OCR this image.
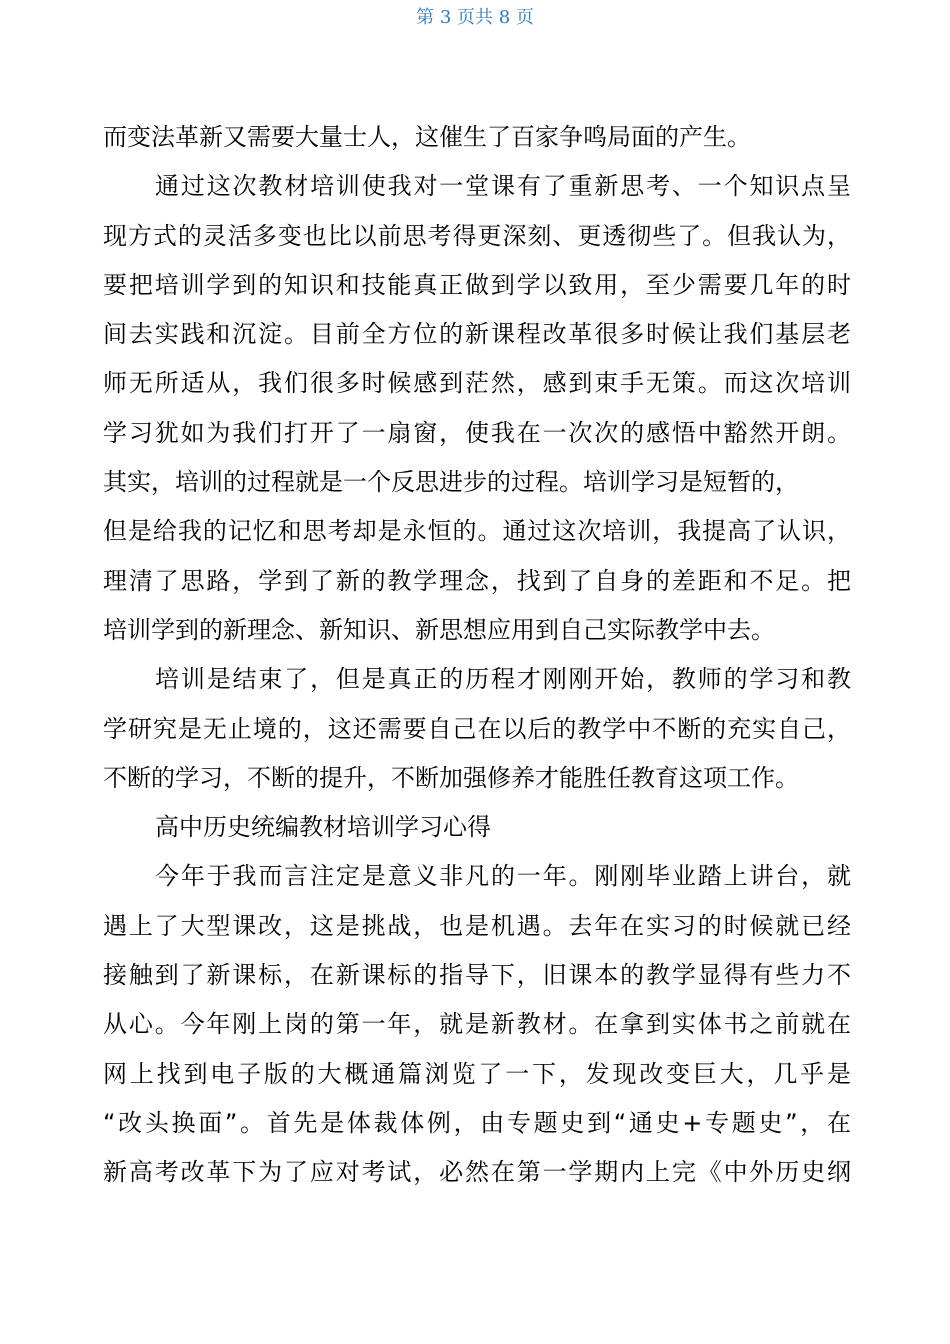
第 3 页共 8 页
而变法革新又需要大量士人，这催生了百家争鸣局面的产生。
通过这次教材培训使我对一堂课有了重新思考、一个知识点呈
现方式的灵活多变也比以前思考得更深刻、更透彻些了。但我认为，
要把培训学到的知识和技能真正做到学以致用，至少需要几年的时
间去实践和沉淀。目前全方位的新课程改革很多时候让我们基层老
师无所适从，我们很多时候感到茫然，感到束手无策。而这次培训
学习犹如为我们打开了一扇窗，使我在一次次的感悟中豁然开朗。
其实，培训的过程就是一个反思进步的过程。培训学习是短暂的，
但是给我的记忆和思考却是永恒的。通过这次培训，我提高了认识，
理清了思路，学到了新的教学理念，找到了自身的差距和不足。把
培训学到的新理念、新知识、新思想应用到自己实际教学中去。
培训是结束了，但是真正的历程才刚刚开始，教师的学习和教
学研究是无止境的，这还需要自己在以后的教学中不断的充实自己，
不断的学习，不断的提升，不断加强修养才能胜任教育这项工作。
高中历史统编教材培训学习心得
今年于我而言注定是意义非凡的一年。刚刚毕业踏上讲台，就
遇上了大型课改，这是挑战，也是机遇。去年在实习的时候就已经
接触到了新课标，在新课标的指导下，旧课本的教学显得有些力不
从心。今年刚上岗的第一年，就是新教材。在拿到实体书之前就在
网上找到电子版的大概通篇浏览了一下，发现改变巨大，几乎是
“改头换面”。首先是体裁体例，由专题史到“通史+专题史”，在
新高考改革下为了应对考试，必然在第一学期内上完《中外历史纲
